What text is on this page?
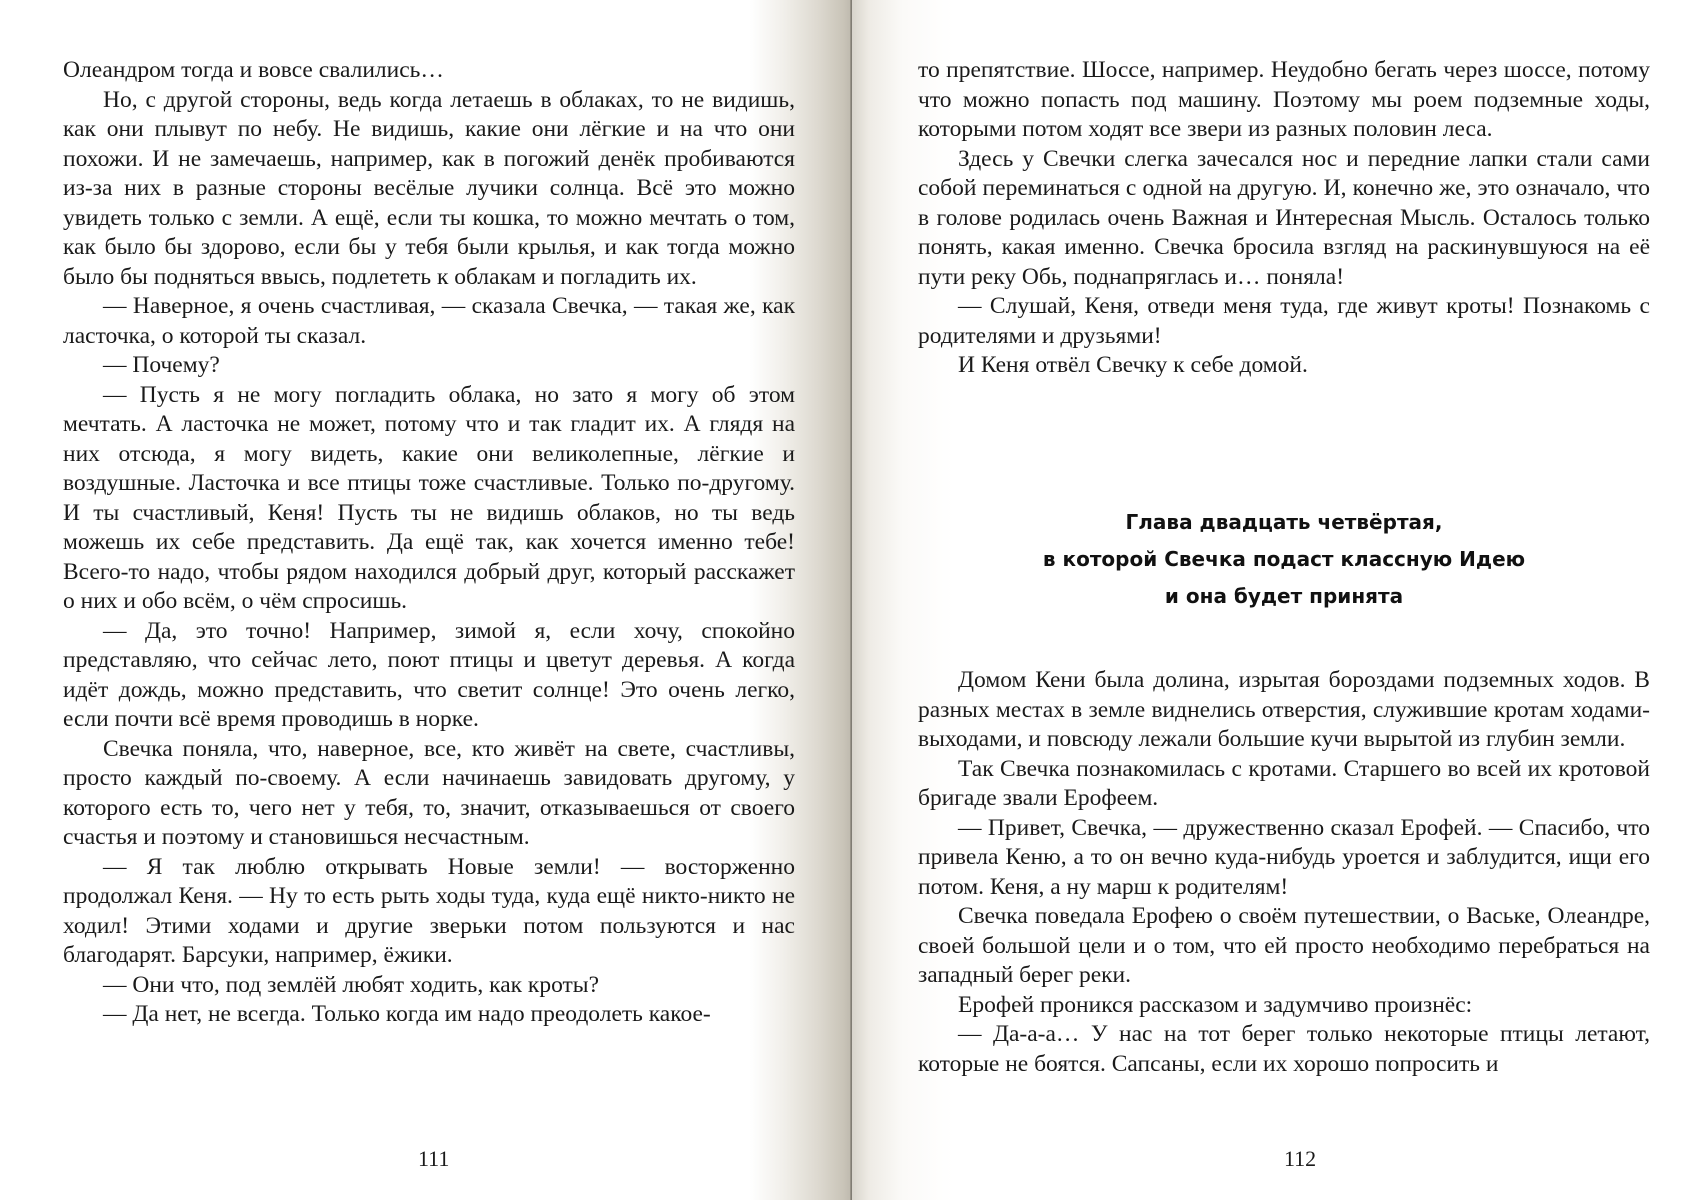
Олеандром тогда и вовсе свалились…

Но, с другой стороны, ведь когда летаешь в облаках, то не видишь, как они плывут по небу. Не видишь, какие они лёгкие и на что они похожи. И не замечаешь, например, как в погожий денёк пробиваются из-за них в разные стороны весёлые лучики солнца. Всё это можно увидеть только с земли. А ещё, если ты кошка, то можно мечтать о том, как было бы здорово, если бы у тебя были крылья, и как тогда можно было бы подняться ввысь, подлететь к облакам и погладить их.

— Наверное, я очень счастливая, — сказала Свечка, — такая же, как ласточка, о которой ты сказал.

— Почему?

— Пусть я не могу погладить облака, но зато я могу об этом мечтать. А ласточка не может, потому что и так гладит их. А глядя на них отсюда, я могу видеть, какие они великолепные, лёгкие и воздушные. Ласточка и все птицы тоже счастливые. Только по-другому. И ты счастливый, Кеня! Пусть ты не видишь облаков, но ты ведь можешь их себе представить. Да ещё так, как хочется именно тебе! Всего-то надо, чтобы рядом находился добрый друг, который расскажет о них и обо всём, о чём спросишь.

— Да, это точно! Например, зимой я, если хочу, спокойно представляю, что сейчас лето, поют птицы и цветут деревья. А когда идёт дождь, можно представить, что светит солнце! Это очень легко, если почти всё время проводишь в норке.

Свечка поняла, что, наверное, все, кто живёт на свете, счастливы, просто каждый по-своему. А если начинаешь завидовать другому, у которого есть то, чего нет у тебя, то, значит, отказываешься от своего счастья и поэтому и становишься несчастным.

— Я так люблю открывать Новые земли! — восторженно продолжал Кеня. — Ну то есть рыть ходы туда, куда ещё никто-никто не ходил! Этими ходами и другие зверьки потом пользуются и нас благодарят. Барсуки, например, ёжики.

— Они что, под землёй любят ходить, как кроты?

— Да нет, не всегда. Только когда им надо преодолеть какое-

111

то препятствие. Шоссе, например. Неудобно бегать через шоссе, потому что можно попасть под машину. Поэтому мы роем подземные ходы, которыми потом ходят все звери из разных половин леса.

Здесь у Свечки слегка зачесался нос и передние лапки стали сами собой переминаться с одной на другую. И, конечно же, это означало, что в голове родилась очень Важная и Интересная Мысль. Осталось только понять, какая именно. Свечка бросила взгляд на раскинувшуюся на её пути реку Обь, поднапряглась и… поняла!

— Слушай, Кеня, отведи меня туда, где живут кроты! Познакомь с родителями и друзьями!

И Кеня отвёл Свечку к себе домой.

Глава двадцать четвёртая,
в которой Свечка подаст классную Идею
и она будет принята

Домом Кени была долина, изрытая бороздами подземных ходов. В разных местах в земле виднелись отверстия, служившие кротам ходами-выходами, и повсюду лежали большие кучи вырытой из глубин земли.

Так Свечка познакомилась с кротами. Старшего во всей их кротовой бригаде звали Ерофеем.

— Привет, Свечка, — дружественно сказал Ерофей. — Спасибо, что привела Кеню, а то он вечно куда-нибудь уроется и заблудится, ищи его потом. Кеня, а ну марш к родителям!

Свечка поведала Ерофею о своём путешествии, о Ваське, Олеандре, своей большой цели и о том, что ей просто необходимо перебраться на западный берег реки.

Ерофей проникся рассказом и задумчиво произнёс:

— Да-а-а… У нас на тот берег только некоторые птицы летают, которые не боятся. Сапсаны, если их хорошо попросить и

112
